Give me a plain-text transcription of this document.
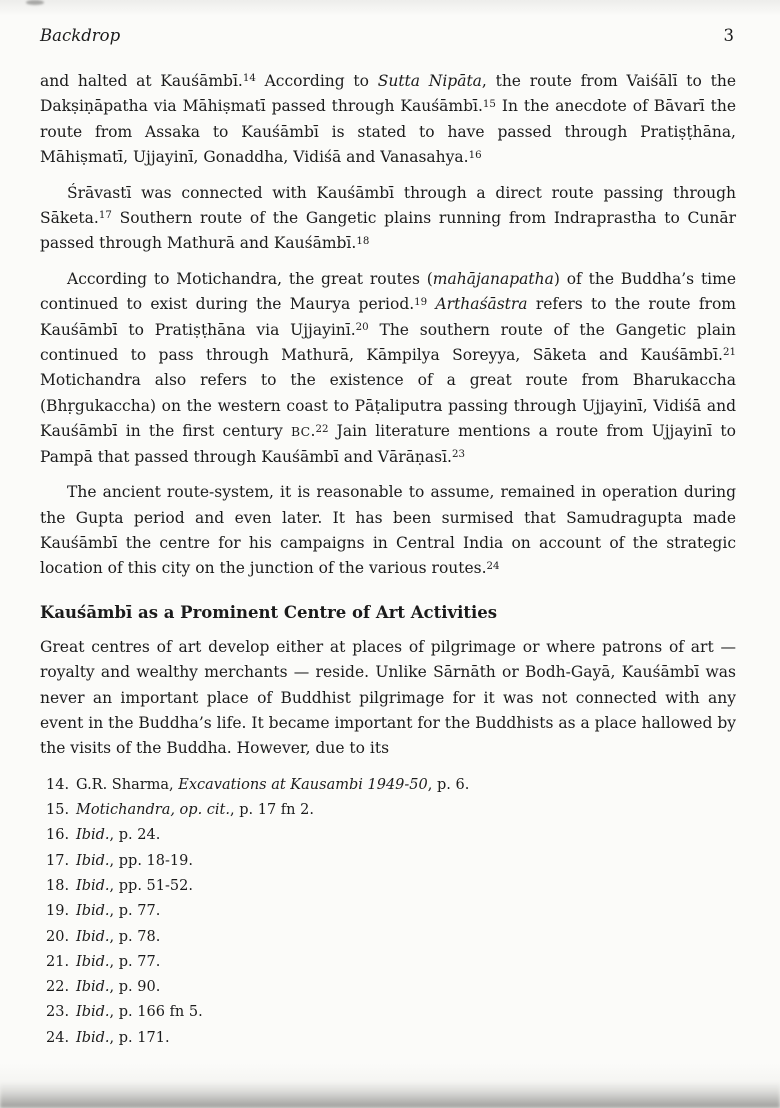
Backdrop	3

and halted at Kauśāmbī.$^{14}$ According to Sutta Nipāta, the route from Vaiśālī to the Dakṣiṇāpatha via Māhiṣmatī passed through Kauśāmbī.$^{15}$ In the anecdote of Bāvarī the route from Assaka to Kauśāmbī is stated to have passed through Pratiṣṭhāna, Māhiṣmatī, Ujjayinī, Gonaddha, Vidiśā and Vanasahya.$^{16}$

Śrāvastī was connected with Kauśāmbī through a direct route passing through Sāketa.$^{17}$ Southern route of the Gangetic plains running from Indraprastha to Cunār passed through Mathurā and Kauśāmbī.$^{18}$

According to Motichandra, the great routes (mahājanapatha) of the Buddha’s time continued to exist during the Maurya period.$^{19}$ Arthaśāstra refers to the route from Kauśāmbī to Pratiṣṭhāna via Ujjayinī.$^{20}$ The southern route of the Gangetic plain continued to pass through Mathurā, Kāmpilya Soreyya, Sāketa and Kauśāmbī.$^{21}$ Motichandra also refers to the existence of a great route from Bharukaccha (Bhṛgukaccha) on the western coast to Pāṭaliputra passing through Ujjayinī, Vidiśā and Kauśāmbī in the first century BC.$^{22}$ Jain literature mentions a route from Ujjayinī to Pampā that passed through Kauśāmbī and Vārāṇasī.$^{23}$

The ancient route-system, it is reasonable to assume, remained in operation during the Gupta period and even later. It has been surmised that Samudragupta made Kauśāmbī the centre for his campaigns in Central India on account of the strategic location of this city on the junction of the various routes.$^{24}$

Kauśāmbī as a Prominent Centre of Art Activities

Great centres of art develop either at places of pilgrimage or where patrons of art — royalty and wealthy merchants — reside. Unlike Sārnāth or Bodh-Gayā, Kauśāmbī was never an important place of Buddhist pilgrimage for it was not connected with any event in the Buddha’s life. It became important for the Buddhists as a place hallowed by the visits of the Buddha. However, due to its

14. G.R. Sharma, Excavations at Kausambi 1949-50, p. 6.
15. Motichandra, op. cit., p. 17 fn 2.
16. Ibid., p. 24.
17. Ibid., pp. 18-19.
18. Ibid., pp. 51-52.
19. Ibid., p. 77.
20. Ibid., p. 78.
21. Ibid., p. 77.
22. Ibid., p. 90.
23. Ibid., p. 166 fn 5.
24. Ibid., p. 171.
